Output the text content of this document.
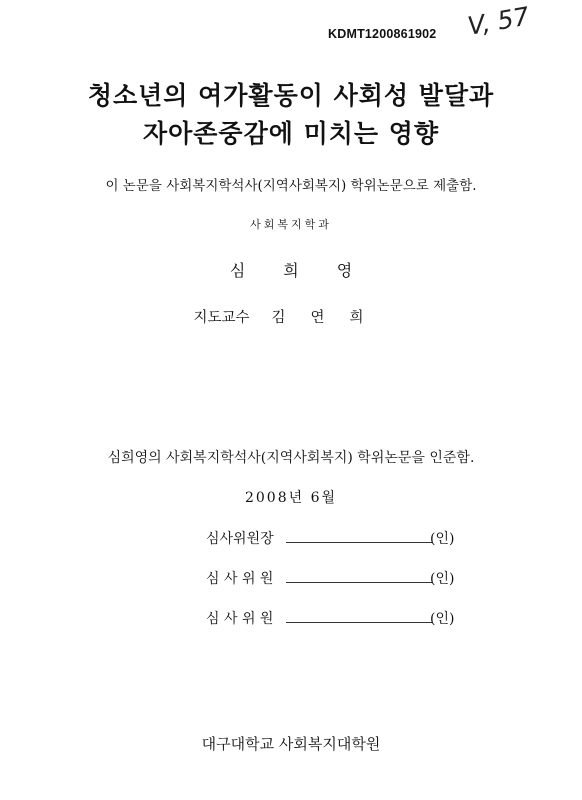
KDMT1200861902 V, 57
청소년의 여가활동이 사회성 발달과
자아존중감에 미치는 영향
이 논문을 사회복지학석사(지역사회복지) 학위논문으로 제출함.
사회복지학과
심희영
지도교수 김연희
심희영의 사회복지학석사(지역사회복지) 학위논문을 인준함.
2008년 6월
심사위원장	(인)
심 사 위 원	(인)
심 사 위 원	(인)
대구대학교 사회복지대학원
